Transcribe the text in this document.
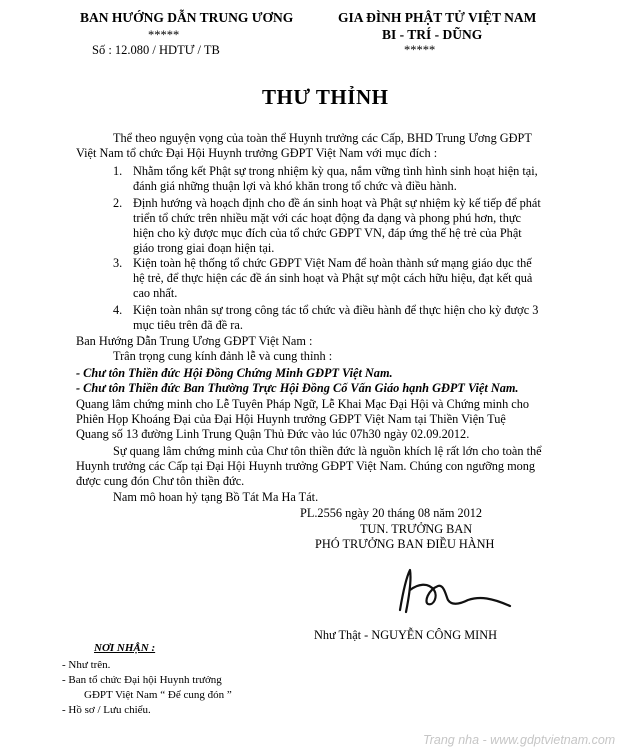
BAN HƯỚNG DẪN TRUNG ƯƠNG
*****
Số : 12.080 / HDTƯ / TB
GIA ĐÌNH PHẬT TỬ VIỆT NAM
BI - TRÍ - DŨNG
*****
THƯ THỈNH
Thể theo nguyện vọng của toàn thể Huynh trưởng các Cấp, BHD Trung Ương GĐPT
Việt Nam tổ chức Đại Hội Huynh trưởng GĐPT Việt Nam với mục đích :
1. Nhằm tổng kết Phật sự trong nhiệm kỳ qua, nắm vững tình hình sinh hoạt hiện tại,
đánh giá những thuận lợi và khó khăn trong tổ chức và điều hành.
2. Định hướng và hoạch định cho đề án sinh hoạt và Phật sự nhiệm kỳ kế tiếp để phát
triển tổ chức trên nhiều mặt với các hoạt động đa dạng và phong phú hơn, thực
hiện cho kỳ được mục đích của tổ chức GĐPT VN, đáp ứng thế hệ trẻ của Phật
giáo trong giai đoạn hiện tại.
3. Kiện toàn hệ thống tổ chức GĐPT Việt Nam để hoàn thành sứ mạng giáo dục thế
hệ trẻ, để thực hiện các đề án sinh hoạt và Phật sự một cách hữu hiệu, đạt kết quả
cao nhất.
4. Kiện toàn nhân sự trong công tác tổ chức và điều hành để thực hiện cho kỳ được 3
mục tiêu trên đã đề ra.
Ban Hướng Dẫn Trung Ương GĐPT Việt Nam :
Trân trọng cung kính đảnh lễ và cung thỉnh :
- Chư tôn Thiền đức Hội Đồng Chứng Minh GĐPT Việt Nam.
- Chư tôn Thiền đức Ban Thường Trực Hội Đồng Cố Vấn Giáo hạnh GĐPT Việt Nam.
Quang lâm chứng minh cho Lễ Tuyên Pháp Ngữ, Lễ Khai Mạc Đại Hội và Chứng minh cho
Phiên Họp Khoáng Đại của Đại Hội Huynh trưởng GĐPT Việt Nam tại Thiền Viện Tuệ
Quang số 13 đường Linh Trung Quận Thủ Đức vào lúc 07h30 ngày 02.09.2012.
Sự quang lâm chứng minh của Chư tôn thiền đức là nguồn khích lệ rất lớn cho toàn thể
Huynh trưởng các Cấp tại Đại Hội Huynh trưởng GĐPT Việt Nam. Chúng con ngưỡng mong
được cung đón Chư tôn thiền đức.
Nam mô hoan hỷ tạng Bồ Tát Ma Ha Tát.
PL.2556 ngày 20 tháng 08 năm 2012
TUN. TRƯỞNG BAN
PHÓ TRƯỞNG BAN ĐIỀU HÀNH
Như Thật - NGUYỄN CÔNG MINH
NƠI NHẬN :
- Như trên.
- Ban tổ chức Đại hội Huynh trưởng
GĐPT Việt Nam “ Để cung đón ”
- Hồ sơ / Lưu chiểu.
Trang nha - www.gdptvietnam.com
